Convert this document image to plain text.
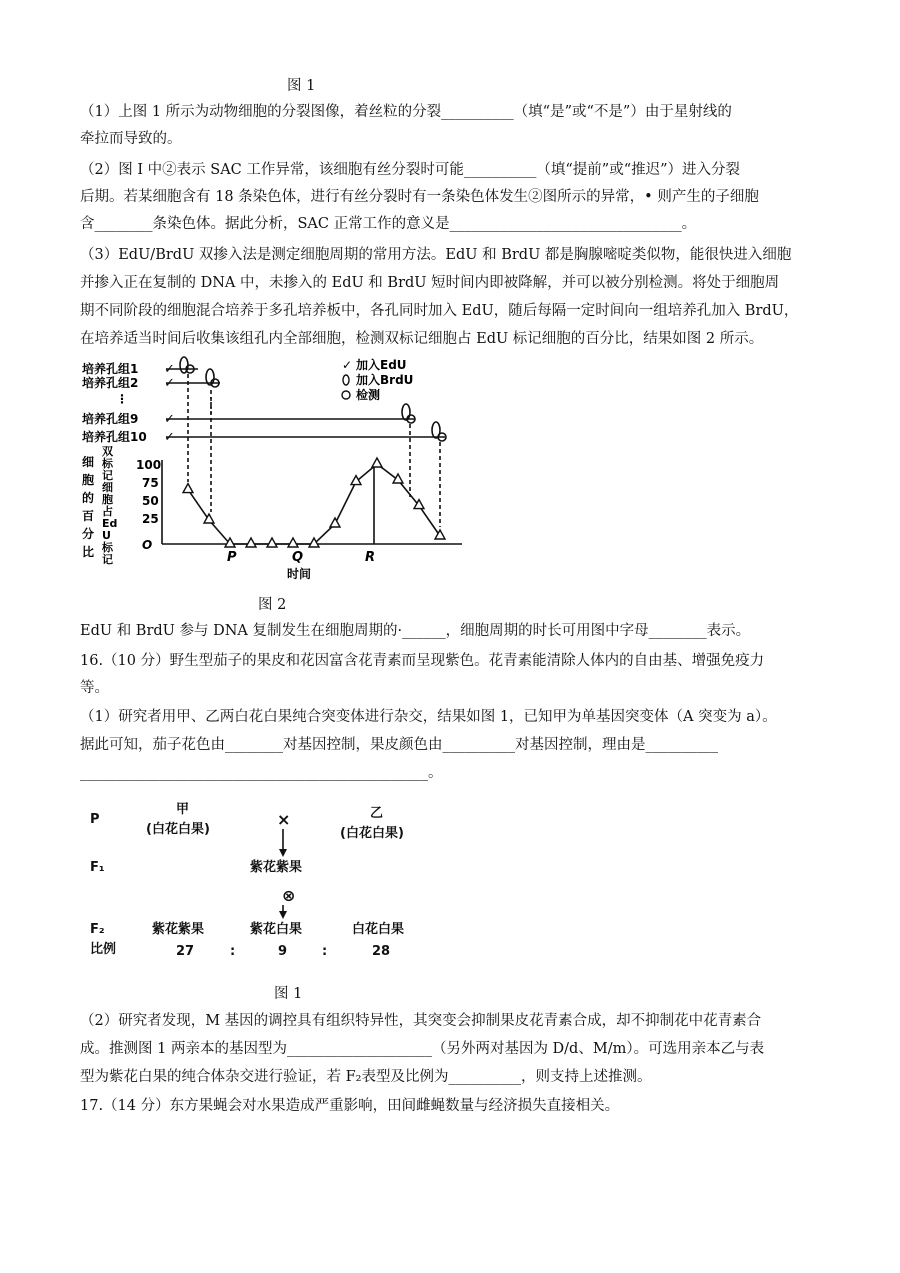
图 1
（1）上图 1 所示为动物细胞的分裂图像，着丝粒的分裂__________（填“是”或“不是”）由于星射线的
牵拉而导致的。
（2）图 I 中②表示 SAC 工作异常，该细胞有丝分裂时可能__________（填“提前”或“推迟”）进入分裂
后期。若某细胞含有 18 条染色体，进行有丝分裂时有一条染色体发生②图所示的异常，• 则产生的子细胞
含________条染色体。据此分析，SAC 正常工作的意义是________________________________。
（3）EdU/BrdU 双掺入法是测定细胞周期的常用方法。EdU 和 BrdU 都是胸腺嘧啶类似物，能很快进入细胞
并掺入正在复制的 DNA 中，未掺入的 EdU 和 BrdU 短时间内即被降解，并可以被分别检测。将处于细胞周
期不同阶段的细胞混合培养于多孔培养板中，各孔同时加入 EdU，随后每隔一定时间向一组培养孔加入 BrdU，
在培养适当时间后收集该组孔内全部细胞，检测双标记细胞占 EdU 标记细胞的百分比，结果如图 2 所示。
培养孔组1
培养孔组2
⋮
培养孔组9
培养孔组10
✓
✓
✓
✓
✓ 加入EdU
加入BrdU
检测
细
胞
的
百
分
比
双
标
记
细
胞
占
Ed
U
标
记
100
75
50
25
O
P	Q	R
时间
图 2
EdU 和 BrdU 参与 DNA 复制发生在细胞周期的·______，细胞周期的时长可用图中字母________表示。
16.（10 分）野生型茄子的果皮和花因富含花青素而呈现紫色。花青素能清除人体内的自由基、增强免疫力
等。
（1）研究者用甲、乙两白花白果纯合突变体进行杂交，结果如图 1，已知甲为单基因突变体（A 突变为 a）。
据此可知，茄子花色由________对基因控制，果皮颜色由__________对基因控制，理由是__________
________________________________________________。
P
F₁
F₂
比例
甲
(白花白果)
乙
(白花白果)
×
紫花紫果
⊗
紫花紫果	紫花白果	白花白果
27	:	9	:	28
图 1
（2）研究者发现，M 基因的调控具有组织特异性，其突变会抑制果皮花青素合成，却不抑制花中花青素合
成。推测图 1 两亲本的基因型为____________________（另外两对基因为 D/d、M/m）。可选用亲本乙与表
型为紫花白果的纯合体杂交进行验证，若 F₂表型及比例为__________，则支持上述推测。
17.（14 分）东方果蝇会对水果造成严重影响，田间雌蝇数量与经济损失直接相关。
